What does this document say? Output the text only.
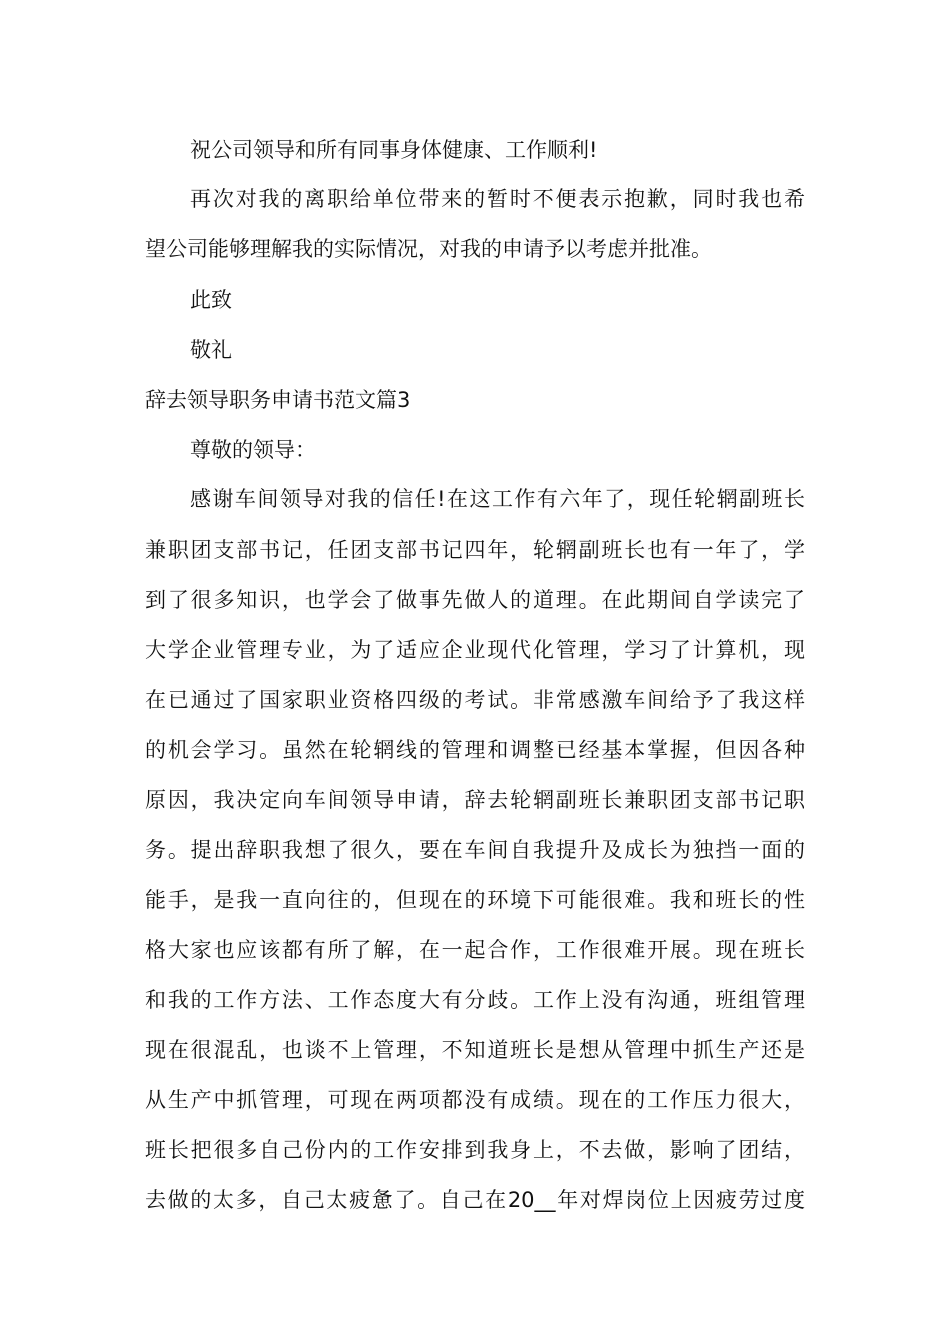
祝公司领导和所有同事身体健康、工作顺利!
再次对我的离职给单位带来的暂时不便表示抱歉，同时我也希
望公司能够理解我的实际情况，对我的申请予以考虑并批准。
此致
敬礼
辞去领导职务申请书范文篇3
尊敬的领导：
感谢车间领导对我的信任!在这工作有六年了，现任轮辋副班长
兼职团支部书记，任团支部书记四年，轮辋副班长也有一年了，学
到了很多知识，也学会了做事先做人的道理。在此期间自学读完了
大学企业管理专业，为了适应企业现代化管理，学习了计算机，现
在已通过了国家职业资格四级的考试。非常感激车间给予了我这样
的机会学习。虽然在轮辋线的管理和调整已经基本掌握，但因各种
原因，我决定向车间领导申请，辞去轮辋副班长兼职团支部书记职
务。提出辞职我想了很久，要在车间自我提升及成长为独挡一面的
能手，是我一直向往的，但现在的环境下可能很难。我和班长的性
格大家也应该都有所了解，在一起合作，工作很难开展。现在班长
和我的工作方法、工作态度大有分歧。工作上没有沟通，班组管理
现在很混乱，也谈不上管理，不知道班长是想从管理中抓生产还是
从生产中抓管理，可现在两项都没有成绩。现在的工作压力很大，
班长把很多自己份内的工作安排到我身上，不去做，影响了团结，
去做的太多，自己太疲惫了。自己在20__年对焊岗位上因疲劳过度
